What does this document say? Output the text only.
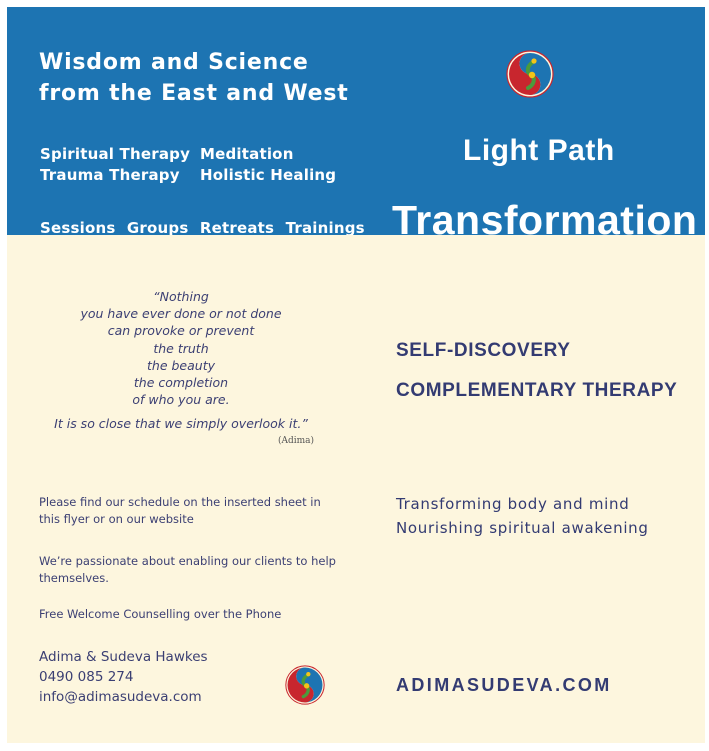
Wisdom and Science
from the East and West
Spiritual Therapy
Trauma Therapy
Meditation
Holistic Healing
Sessions Groups Retreats Trainings
Light Path
Transformation
“Nothing
you have ever done or not done
can provoke or prevent
the truth
the beauty
the completion
of who you are.
It is so close that we simply overlook it.”
(Adima)
Please find our schedule on the inserted sheet in this flyer or on our website
We’re passionate about enabling our clients to help themselves.
Free Welcome Counselling over the Phone
Adima & Sudeva Hawkes
0490 085 274
info@adimasudeva.com
SELF-DISCOVERY
COMPLEMENTARY THERAPY
Transforming body and mind
Nourishing spiritual awakening
ADIMASUDEVA.COM
